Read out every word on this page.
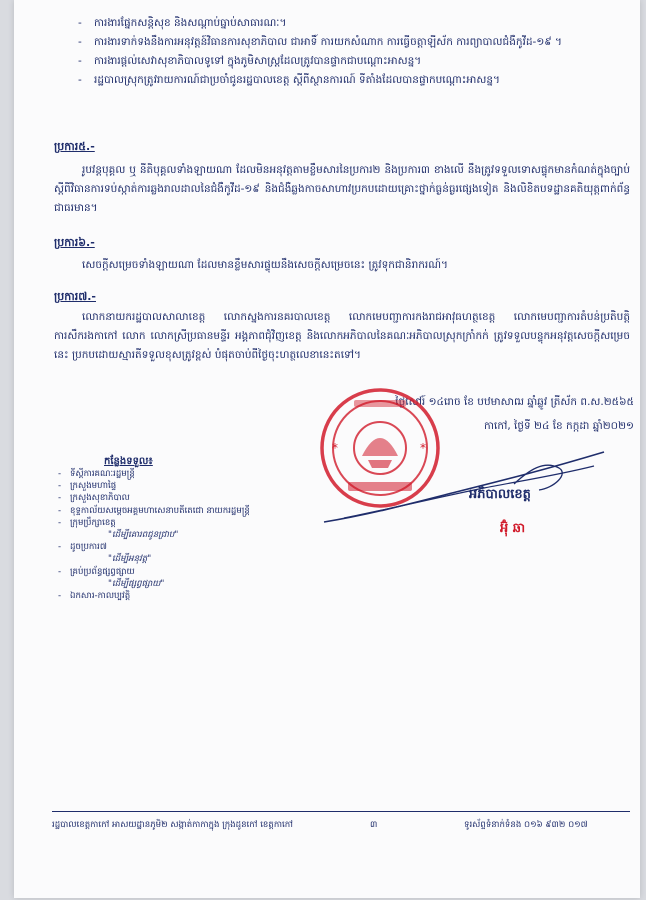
- ការងារផ្នែកសន្តិសុខ និងសណ្តាប់ធ្នាប់សាធារណៈ។
- ការងារទាក់ទងនឹងការអនុវត្តន៍វិធានការសុខាភិបាល ជាអាទិ៍ ការយកសំណាក ការធ្វើចត្តាឡីស័ក ការព្យាបាលជំងឺកូវីដ-១៩ ។
- ការងារផ្ដល់សេវាសុខាភិបាលទូទៅ ក្នុងភូមិសាស្ត្រដែលត្រូវបានផ្ទាកជាបណ្តោះអាសន្ន។
- រដ្ឋបាលស្រុកត្រូវរាយការណ៍ជាប្រចាំជូនរដ្ឋបាលខេត្ត ស្ដីពីស្ថានការណ៍ ទីតាំងដែលបានផ្ទាកបណ្តោះអាសន្ន។
ប្រការ៥.-
រូបវន្តបុគ្គល ឬ នីតិបុគ្គលទាំងឡាយណា ដែលមិនអនុវត្តតាមខ្លឹមសារនៃប្រការ២ និងប្រការ៣ ខាងលើ នឹងត្រូវទទួលទោសផ្ទុកមានកំណត់ក្នុងច្បាប់ស្តីពីវិធានការទប់ស្កាត់ការឆ្លងរាលដាលនៃជំងឺកូវីដ-១៩ និងជំងឺឆ្លងកាចសាហាវប្រកបដោយគ្រោះថ្នាក់ធ្ងន់ធ្ងរផ្សេងទៀត និងលិខិតបទដ្ឋានគតិយុត្តពាក់ព័ន្ធជាធរមាន។
ប្រការ៦.-
សេចក្ដីសម្រេចទាំងឡាយណា ដែលមានខ្លឹមសារផ្ទុយនឹងសេចក្ដីសម្រេចនេះ ត្រូវទុកជានិរាករណ៍។
ប្រការ៧.-
លោកនាយករដ្ឋបាលសាលាខេត្ត លោកស្នងការនគរបាលខេត្ត លោកមេបញ្ជាការកងរាជអាវុធហត្ថខេត្ត លោកមេបញ្ជាការតំបន់ប្រតិបត្តិការសឹករងកាកៅ លោក លោកស្រីប្រធានមន្ទីរ អង្គភាពជុំវិញខេត្ត និងលោកអភិបាលនៃគណៈអភិបាលស្រុកក្រាំកក់ ត្រូវទទួលបន្ទុកអនុវត្តសេចក្ដីសម្រេចនេះ ប្រកបដោយស្មារតីទទួលខុសត្រូវខ្ពស់ បំផុតចាប់ពីថ្ងៃចុះហត្ថលេខានេះតទៅ។
ថ្ងៃសៅរ៍ ១៤រោច ខែ បឋមាសាឍ ឆ្នាំឆ្លូវ ត្រីស័ក ព.ស.២៥៦៥
កាកៅ, ថ្ងៃទី ២៤ ខែ កក្កដា ឆ្នាំ២០២១
*	*
អភិបាលខេត្ត
អ៊ុំ ឆា
កន្លែងទទួល៖
- ទីស្តីការគណៈរដ្ឋមន្ត្រី
- ក្រសួងមហាផ្ទៃ
- ក្រសួងសុខាភិបាល
- ខុទ្ទកាល័យសម្តេចអគ្គមហាសេនាបតីតេជោ នាយករដ្ឋមន្ត្រី
- ក្រុមប្រឹក្សាខេត្ត
"ដើម្បីគោរពជូនជ្រាប"
- ដូចប្រការ៧
"ដើម្បីអនុវត្ត"
- គ្រប់ប្រព័ន្ធផ្សព្វផ្សាយ
"ដើម្បីផ្សព្វផ្សាយ"
- ឯកសារ-កាលប្បវត្តិ
រដ្ឋបាលខេត្តកាកៅ អាសយដ្ឋានភូមិ២ សង្កាត់កាកាក្នុង ក្រុងដូនកៅ ខេត្តកាកៅ	៣	ទូរស័ព្ទទំនាក់ទំនង ០១៦ ៩៣២ ០១៧
